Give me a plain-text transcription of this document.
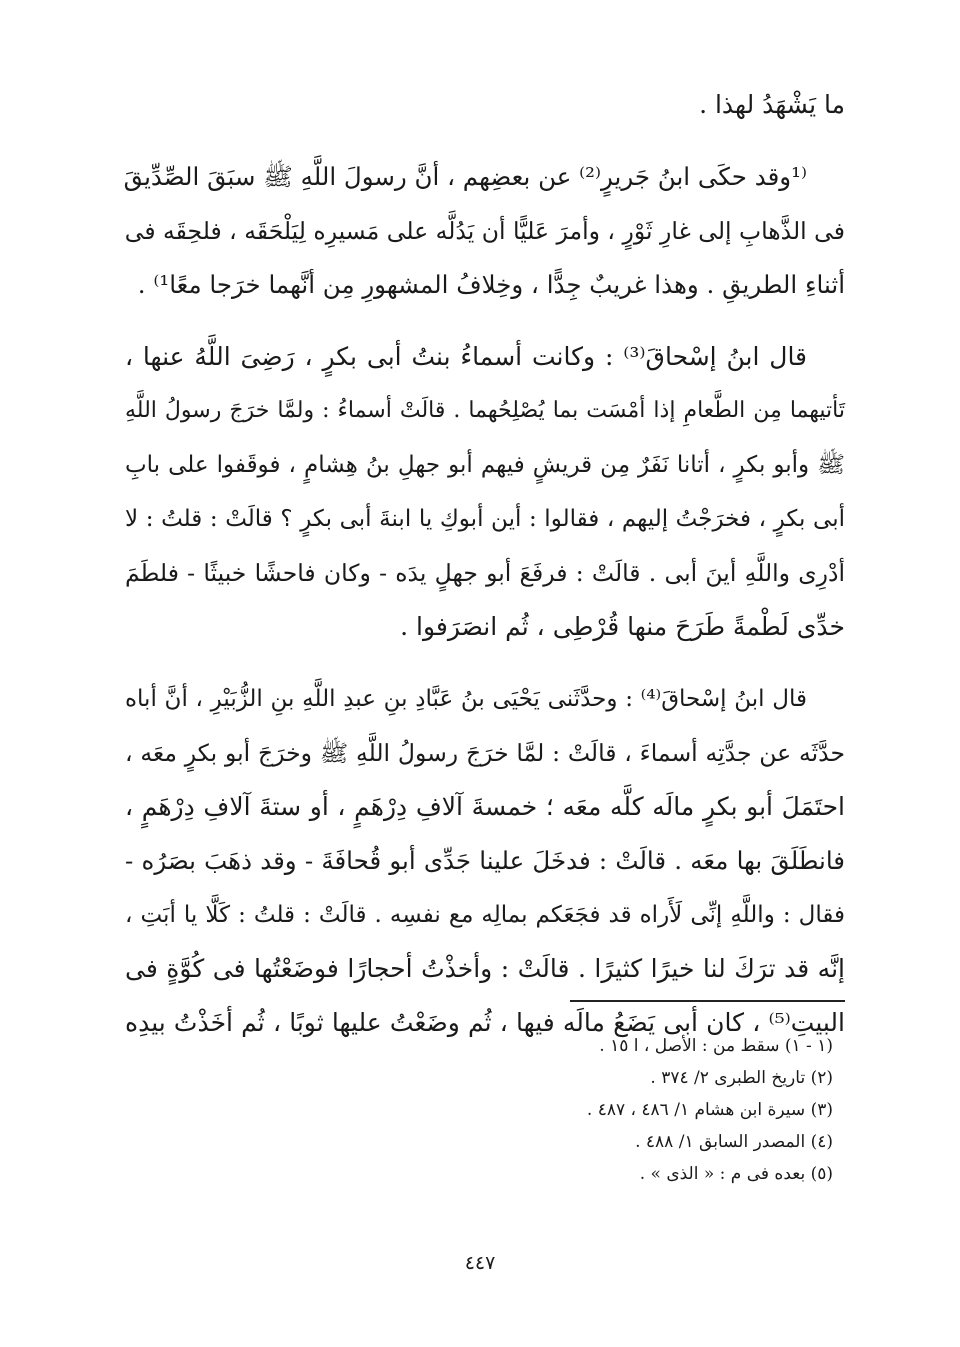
ما يَشْهَدُ لهذا .
⁽¹وقد حكَى ابنُ جَريرٍ⁽²⁾ عن بعضِهم ، أنَّ رسولَ اللَّهِ ﷺ سبَقَ الصِّدِّيقَ
فى الذَّهابِ إلى غارِ ثَوْرٍ ، وأمرَ عَليًّا أن يَدُلَّه على مَسيرِه لِيَلْحَقَه ، فلحِقَه فى
أثناءِ الطريقِ . وهذا غريبٌ جِدًّا ، وخِلافُ المشهورِ مِن أنَّهما خرَجا معًا¹⁾ .
قال ابنُ إسْحاقَ⁽³⁾ : وكانت أسماءُ بنتُ أبى بكرٍ ، رَضِىَ اللَّهُ عنها ،
تَأتيهما مِن الطَّعامِ إذا أمْسَت بما يُصْلِحُهما . قالَتْ أسماءُ : ولمَّا خرَجَ رسولُ اللَّهِ
ﷺ وأبو بكرٍ ، أتانا نَفَرٌ مِن قريشٍ فيهم أبو جهلِ بنُ هِشامٍ ، فوقَفوا على بابِ
أبى بكرٍ ، فخرَجْتُ إليهم ، فقالوا : أين أبوكِ يا ابنةَ أبى بكرٍ ؟ قالَتْ : قلتُ : لا
أدْرِى واللَّهِ أينَ أبى . قالَتْ : فرفَعَ أبو جهلٍ يدَه - وكان فاحشًا خبيثًا - فلطَمَ
خدِّى لَطْمةً طَرَحَ منها قُرْطِى ، ثُم انصَرَفوا .
قال ابنُ إسْحاقَ⁽⁴⁾ : وحدَّثَنى يَحْيَى بنُ عَبَّادِ بنِ عبدِ اللَّهِ بنِ الزُّبَيْرِ ، أنَّ أباه
حدَّثَه عن جدَّتِه أسماءَ ، قالَتْ : لمَّا خرَجَ رسولُ اللَّهِ ﷺ وخرَجَ أبو بكرٍ معَه ،
احتَمَلَ أبو بكرٍ مالَه كلَّه معَه ؛ خمسةَ آلافِ دِرْهَمٍ ، أو ستةَ آلافِ دِرْهَمٍ ،
فانطَلَقَ بها معَه . قالَتْ : فدخَلَ علينا جَدِّى أبو قُحافَةَ - وقد ذهَبَ بصَرُه -
فقال : واللَّهِ إنِّى لَأَراه قد فجَعَكم بمالِه مع نفسِه . قالَتْ : قلتُ : كَلَّا يا أبَتِ ،
إنَّه قد ترَكَ لنا خيرًا كثيرًا . قالَتْ : وأخذْتُ أحجارًا فوضَعْتُها فى كُوَّةٍ فى
البيتِ⁽⁵⁾ ، كان أبى يَضَعُ مالَه فيها ، ثُم وضَعْتُ عليها ثوبًا ، ثُم أخَذْتُ بيدِه
(١ - ١) سقط من : الأصل ، ا ١٥ .
(٢) تاريخ الطبرى ٢/ ٣٧٤ .
(٣) سيرة ابن هشام ١/ ٤٨٦ ، ٤٨٧ .
(٤) المصدر السابق ١/ ٤٨٨ .
(٥) بعده فى م : « الذى » .
٤٤٧
